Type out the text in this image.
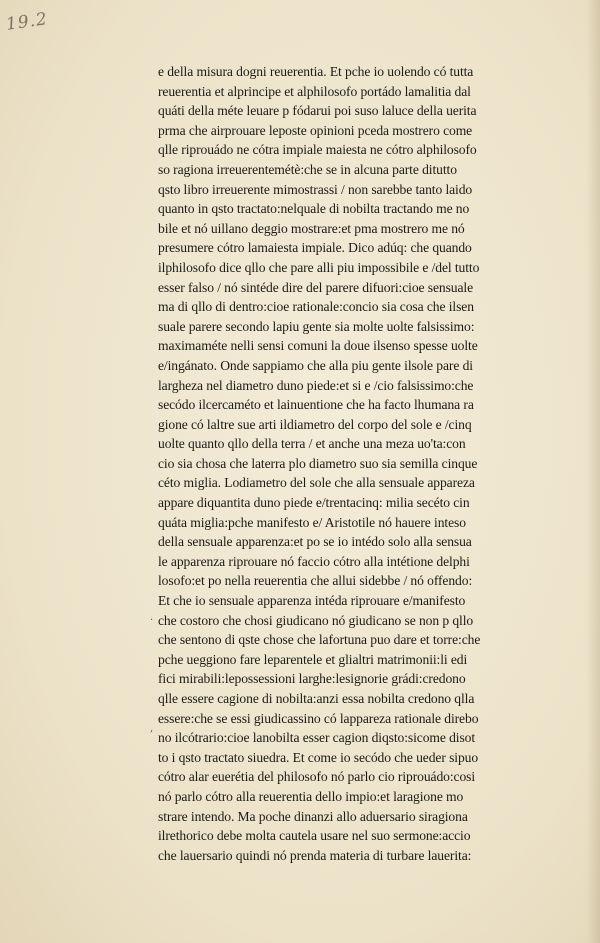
19.2
e della misura dogni reuerentia. Et pche io uolendo có tutta
reuerentia et alprincipe et alphilosofo portádo lamalitia dal
quáti della méte leuare p fódarui poi suso laluce della uerita
prma che airprouare leposte opinioni pceda mostrero come
qlle riprouádo ne cótra impiale maiesta ne cótro alphilosofo
so ragiona irreuerentemétè:che se in alcuna parte ditutto
qsto libro irreuerente mimostrassi / non sarebbe tanto laido
quanto in qsto tractato:nelquale di nobilta tractando me no
bile et nó uillano deggio mostrare:et pma mostrero me nó
presumere cótro lamaiesta impiale. Dico adúq: che quando
ilphilosofo dice qllo che pare alli piu impossibile e /del tutto
esser falso / nó sintéde dire del parere difuori:cioe sensuale
ma di qllo di dentro:cioe rationale:concio sia cosa che ilsen
suale parere secondo lapiu gente sia molte uolte falsissimo:
maximaméte nelli sensi comuni la doue ilsenso spesse uolte
e/ingánato. Onde sappiamo che alla piu gente ilsole pare di
largheza nel diametro duno piede:et si e /cio falsissimo:che
secódo ilcercaméto et lainuentione che ha facto lhumana ra
gione có laltre sue arti ildiametro del corpo del sole e /cinq
uolte quanto qllo della terra / et anche una meza uo'ta:con
cio sia chosa che laterra plo diametro suo sia semilla cinque
céto miglia. Lodiametro del sole che alla sensuale appareza
appare diquantita duno piede e/trentacinq: milia secéto cin
quáta miglia:pche manifesto e/ Aristotile nó hauere inteso
della sensuale apparenza:et po se io intédo solo alla sensua
le apparenza riprouare nó faccio cótro alla intétione delphi
losofo:et po nella reuerentia che allui sidebbe / nó offendo:
Et che io sensuale apparenza intéda riprouare e/manifesto
che costoro che chosi giudicano nó giudicano se non p qllo
che sentono di qste chose che lafortuna puo dare et torre:che
pche ueggiono fare leparentele et glialtri matrimonii:li edi
fici mirabili:lepossessioni larghe:lesignorie grádi:credono
qlle essere cagione di nobilta:anzi essa nobilta credono qlla
essere:che se essi giudicassino có lappareza rationale direbo
no ilcótrario:cioe lanobilta esser cagion diqsto:sicome disot
to i qsto tractato siuedra. Et come io secódo che ueder sipuo
cótro alar euerétia del philosofo nó parlo cio riprouádo:cosi
nó parlo cótro alla reuerentia dello impio:et laragione mo
strare intendo. Ma poche dinanzi allo aduersario siragiona
ilrethorico debe molta cautela usare nel suo sermone:accio
che lauersario quindi nó prenda materia di turbare lauerita:
.
,
